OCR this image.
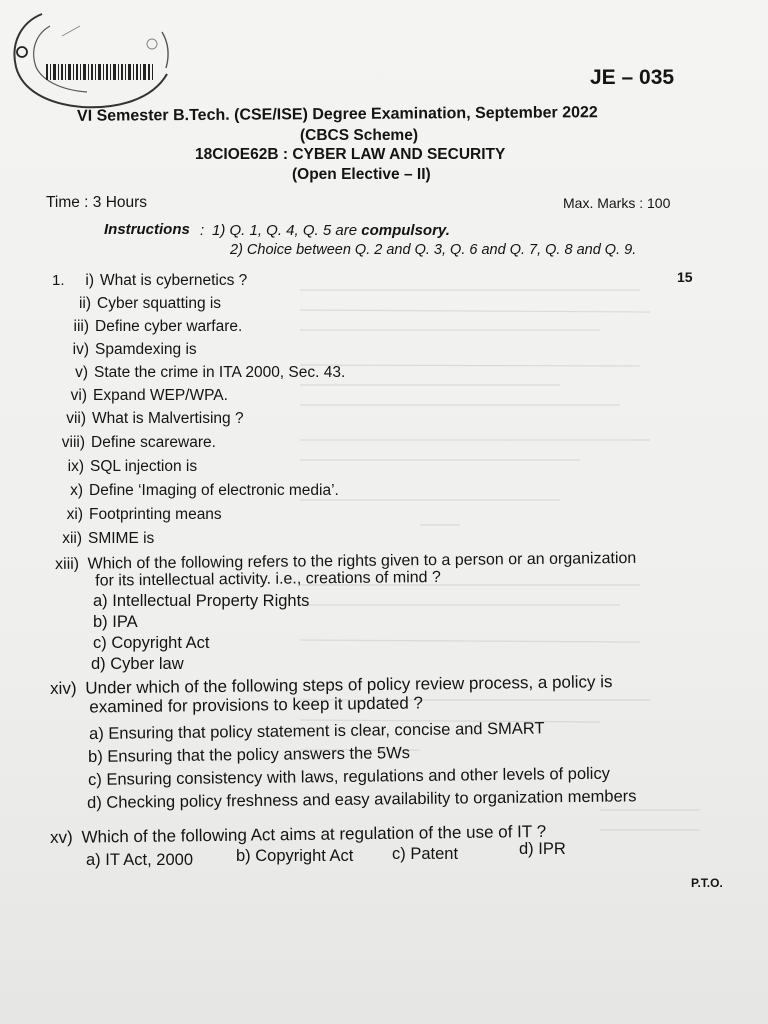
JE – 035
VI Semester B.Tech. (CSE/ISE) Degree Examination, September 2022
(CBCS Scheme)
18CIOE62B : CYBER LAW AND SECURITY
(Open Elective – II)
Time : 3 Hours	Max. Marks : 100
Instructions : 1) Q. 1, Q. 4, Q. 5 are compulsory.
2) Choice between Q. 2 and Q. 3, Q. 6 and Q. 7, Q. 8 and Q. 9.
1.	15
i) What is cybernetics ?
ii) Cyber squatting is
iii) Define cyber warfare.
iv) Spamdexing is
v) State the crime in ITA 2000, Sec. 43.
vi) Expand WEP/WPA.
vii) What is Malvertising ?
viii) Define scareware.
ix) SQL injection is
x) Define ‘Imaging of electronic media’.
xi) Footprinting means
xii) SMIME is
xiii) Which of the following refers to the rights given to a person or an organization
for its intellectual activity. i.e., creations of mind ?
a) Intellectual Property Rights
b) IPA
c) Copyright Act
d) Cyber law
xiv) Under which of the following steps of policy review process, a policy is
examined for provisions to keep it updated ?
a) Ensuring that policy statement is clear, concise and SMART
b) Ensuring that the policy answers the 5Ws
c) Ensuring consistency with laws, regulations and other levels of policy
d) Checking policy freshness and easy availability to organization members
xv) Which of the following Act aims at regulation of the use of IT ?
a) IT Act, 2000	b) Copyright Act c) Patent	d) IPR
P.T.O.
